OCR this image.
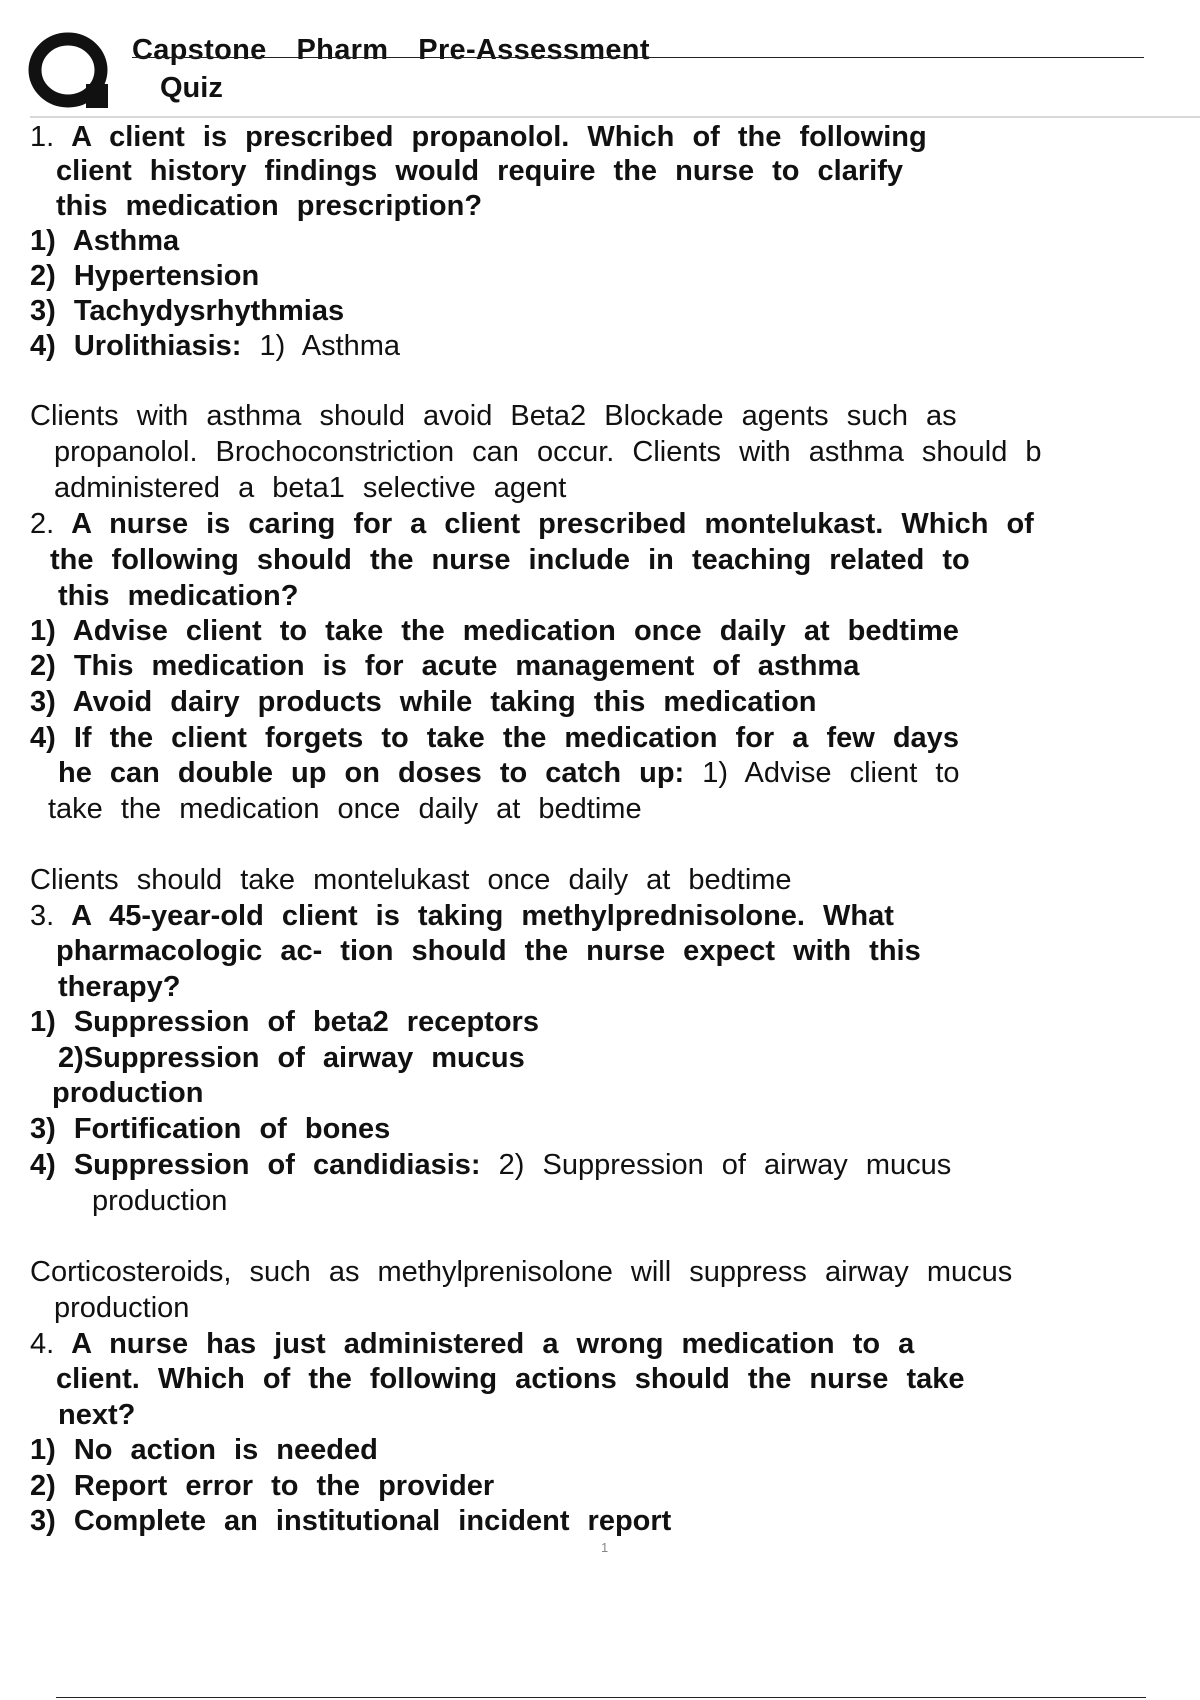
Capstone Pharm Pre-Assessment
Quiz
1. A client is prescribed propanolol. Which of the following
client history findings would require the nurse to clarify
this medication prescription?
1) Asthma
2) Hypertension
3) Tachydysrhythmias
4) Urolithiasis: 1) Asthma
Clients with asthma should avoid Beta2 Blockade agents such as
propanolol. Brochoconstriction can occur. Clients with asthma should b
administered a beta1 selective agent
2. A nurse is caring for a client prescribed montelukast. Which of
the following should the nurse include in teaching related to
this medication?
1) Advise client to take the medication once daily at bedtime
2) This medication is for acute management of asthma
3) Avoid dairy products while taking this medication
4) If the client forgets to take the medication for a few days
he can double up on doses to catch up: 1) Advise client to
take the medication once daily at bedtime
Clients should take montelukast once daily at bedtime
3. A 45-year-old client is taking methylprednisolone. What
pharmacologic ac- tion should the nurse expect with this
therapy?
1) Suppression of beta2 receptors
2)Suppression of airway mucus
production
3) Fortification of bones
4) Suppression of candidiasis: 2) Suppression of airway mucus
production
Corticosteroids, such as methylprenisolone will suppress airway mucus
production
4. A nurse has just administered a wrong medication to a
client. Which of the following actions should the nurse take
next?
1) No action is needed
2) Report error to the provider
3) Complete an institutional incident report
1
